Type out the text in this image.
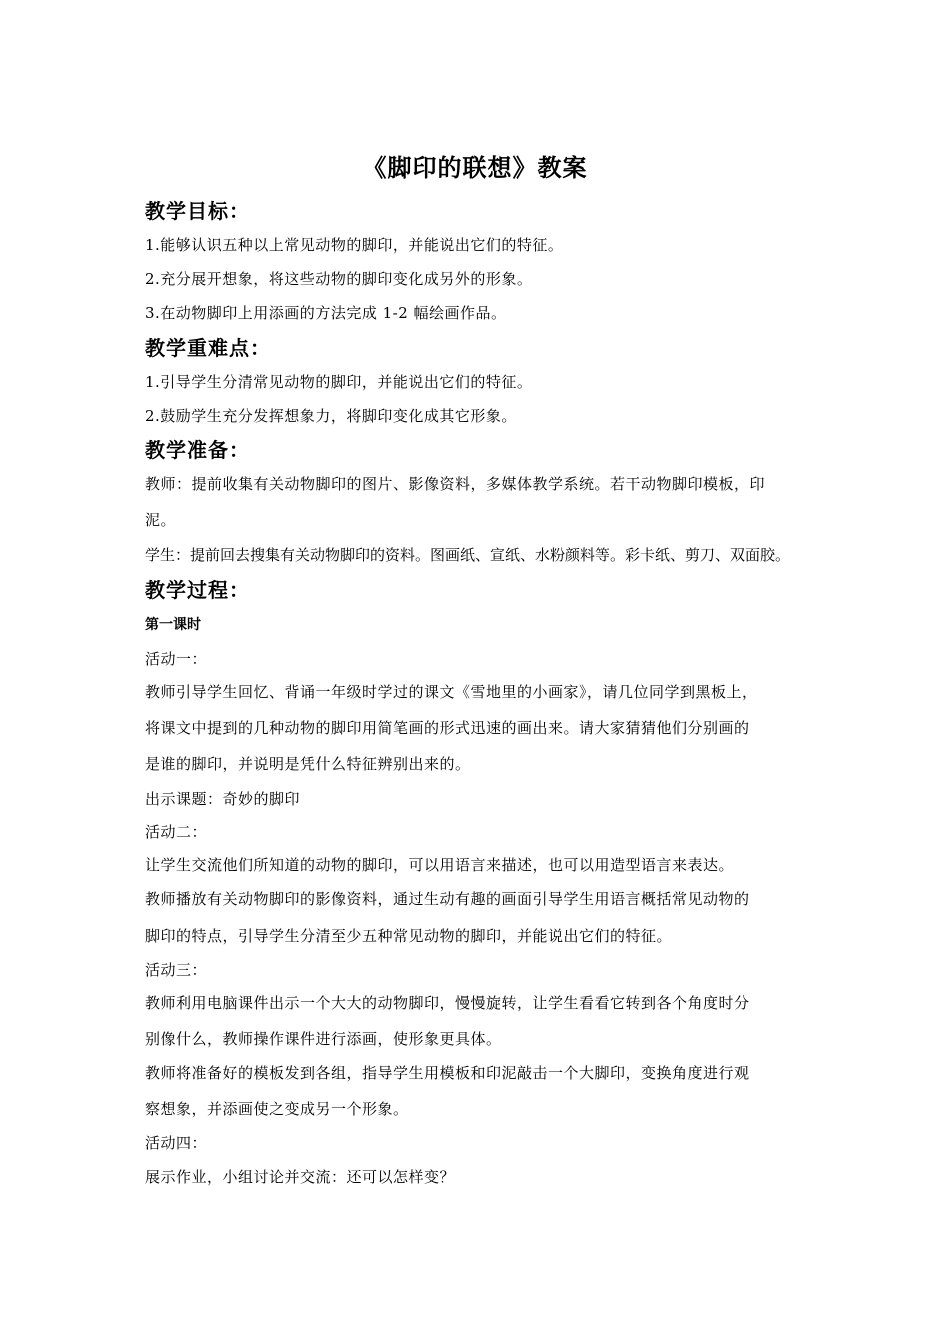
《脚印的联想》教案
教学目标：
1.能够认识五种以上常见动物的脚印，并能说出它们的特征。
2.充分展开想象，将这些动物的脚印变化成另外的形象。
3.在动物脚印上用添画的方法完成 1-2 幅绘画作品。
教学重难点：
1.引导学生分清常见动物的脚印，并能说出它们的特征。
2.鼓励学生充分发挥想象力，将脚印变化成其它形象。
教学准备：
教师：提前收集有关动物脚印的图片、影像资料，多媒体教学系统。若干动物脚印模板，印
泥。
学生：提前回去搜集有关动物脚印的资料。图画纸、宣纸、水粉颜料等。彩卡纸、剪刀、双面胶。
教学过程：
第一课时
活动一：
教师引导学生回忆、背诵一年级时学过的课文《雪地里的小画家》，请几位同学到黑板上，
将课文中提到的几种动物的脚印用简笔画的形式迅速的画出来。请大家猜猜他们分别画的
是谁的脚印，并说明是凭什么特征辨别出来的。
出示课题：奇妙的脚印
活动二：
让学生交流他们所知道的动物的脚印，可以用语言来描述，也可以用造型语言来表达。
教师播放有关动物脚印的影像资料，通过生动有趣的画面引导学生用语言概括常见动物的
脚印的特点，引导学生分清至少五种常见动物的脚印，并能说出它们的特征。
活动三：
教师利用电脑课件出示一个大大的动物脚印，慢慢旋转，让学生看看它转到各个角度时分
别像什么，教师操作课件进行添画，使形象更具体。
教师将准备好的模板发到各组，指导学生用模板和印泥敲击一个大脚印，变换角度进行观
察想象，并添画使之变成另一个形象。
活动四：
展示作业，小组讨论并交流：还可以怎样变？
